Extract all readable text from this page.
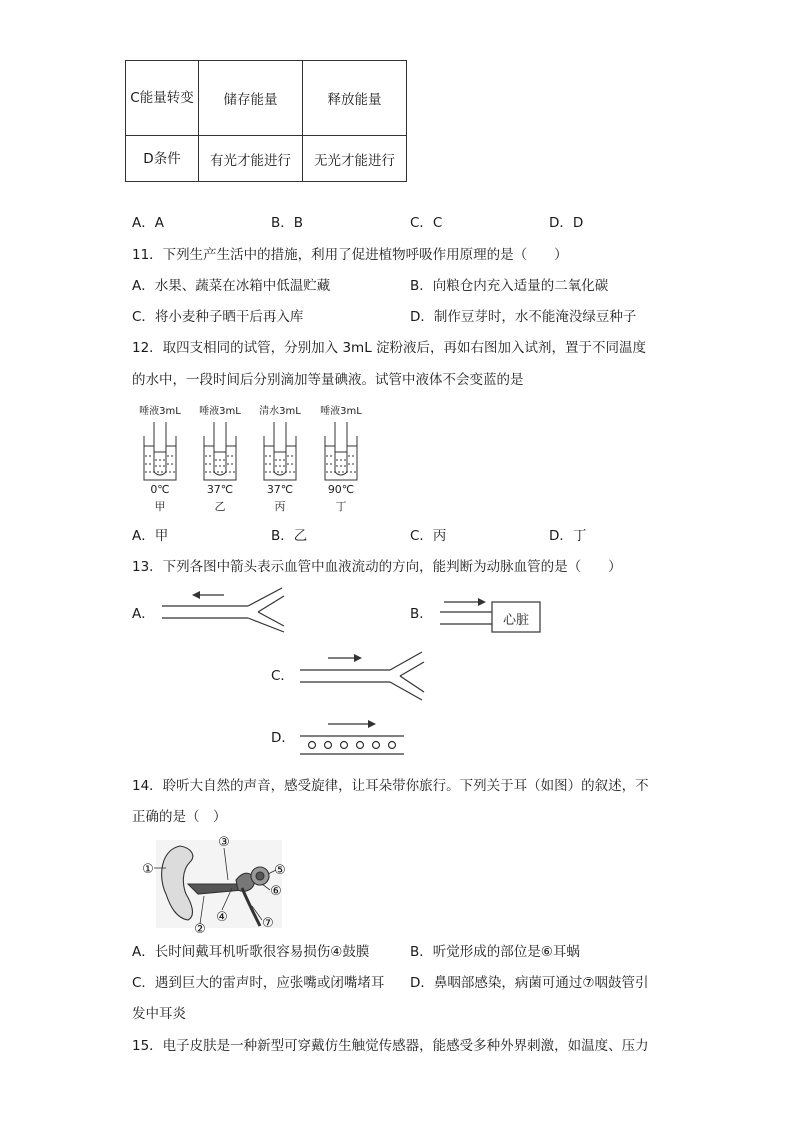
C能量转变	储存能量	释放能量
D条件	有光才能进行	无光才能进行
A．A	B．B	C．C	D．D
11．下列生产生活中的措施，利用了促进植物呼吸作用原理的是（　　）
A．水果、蔬菜在冰箱中低温贮藏	B．向粮仓内充入适量的二氧化碳
C．将小麦种子晒干后再入库	D．制作豆芽时，水不能淹没绿豆种子
12．取四支相同的试管，分别加入 3mL 淀粉液后，再如右图加入试剂，置于不同温度
的水中，一段时间后分别滴加等量碘液。试管中液体不会变蓝的是
唾液3mL 唾液3mL 清水3mL 唾液3mL
0℃	37℃	37℃	90℃
甲	乙	丙	丁
A．甲	B．乙	C．丙	D．丁
13．下列各图中箭头表示血管中血液流动的方向，能判断为动脉血管的是（　　）
A．	B．	心脏
C．
D．
14．聆听大自然的声音，感受旋律，让耳朵带你旅行。下列关于耳（如图）的叙述，不
正确的是（　）
①
②
③
④
⑤
⑥
⑦
A．长时间戴耳机听歌很容易损伤④鼓膜	B．听觉形成的部位是⑥耳蜗
C．遇到巨大的雷声时，应张嘴或闭嘴堵耳 D．鼻咽部感染，病菌可通过⑦咽鼓管引
发中耳炎
15．电子皮肤是一种新型可穿戴仿生触觉传感器，能感受多种外界刺激，如温度、压力
